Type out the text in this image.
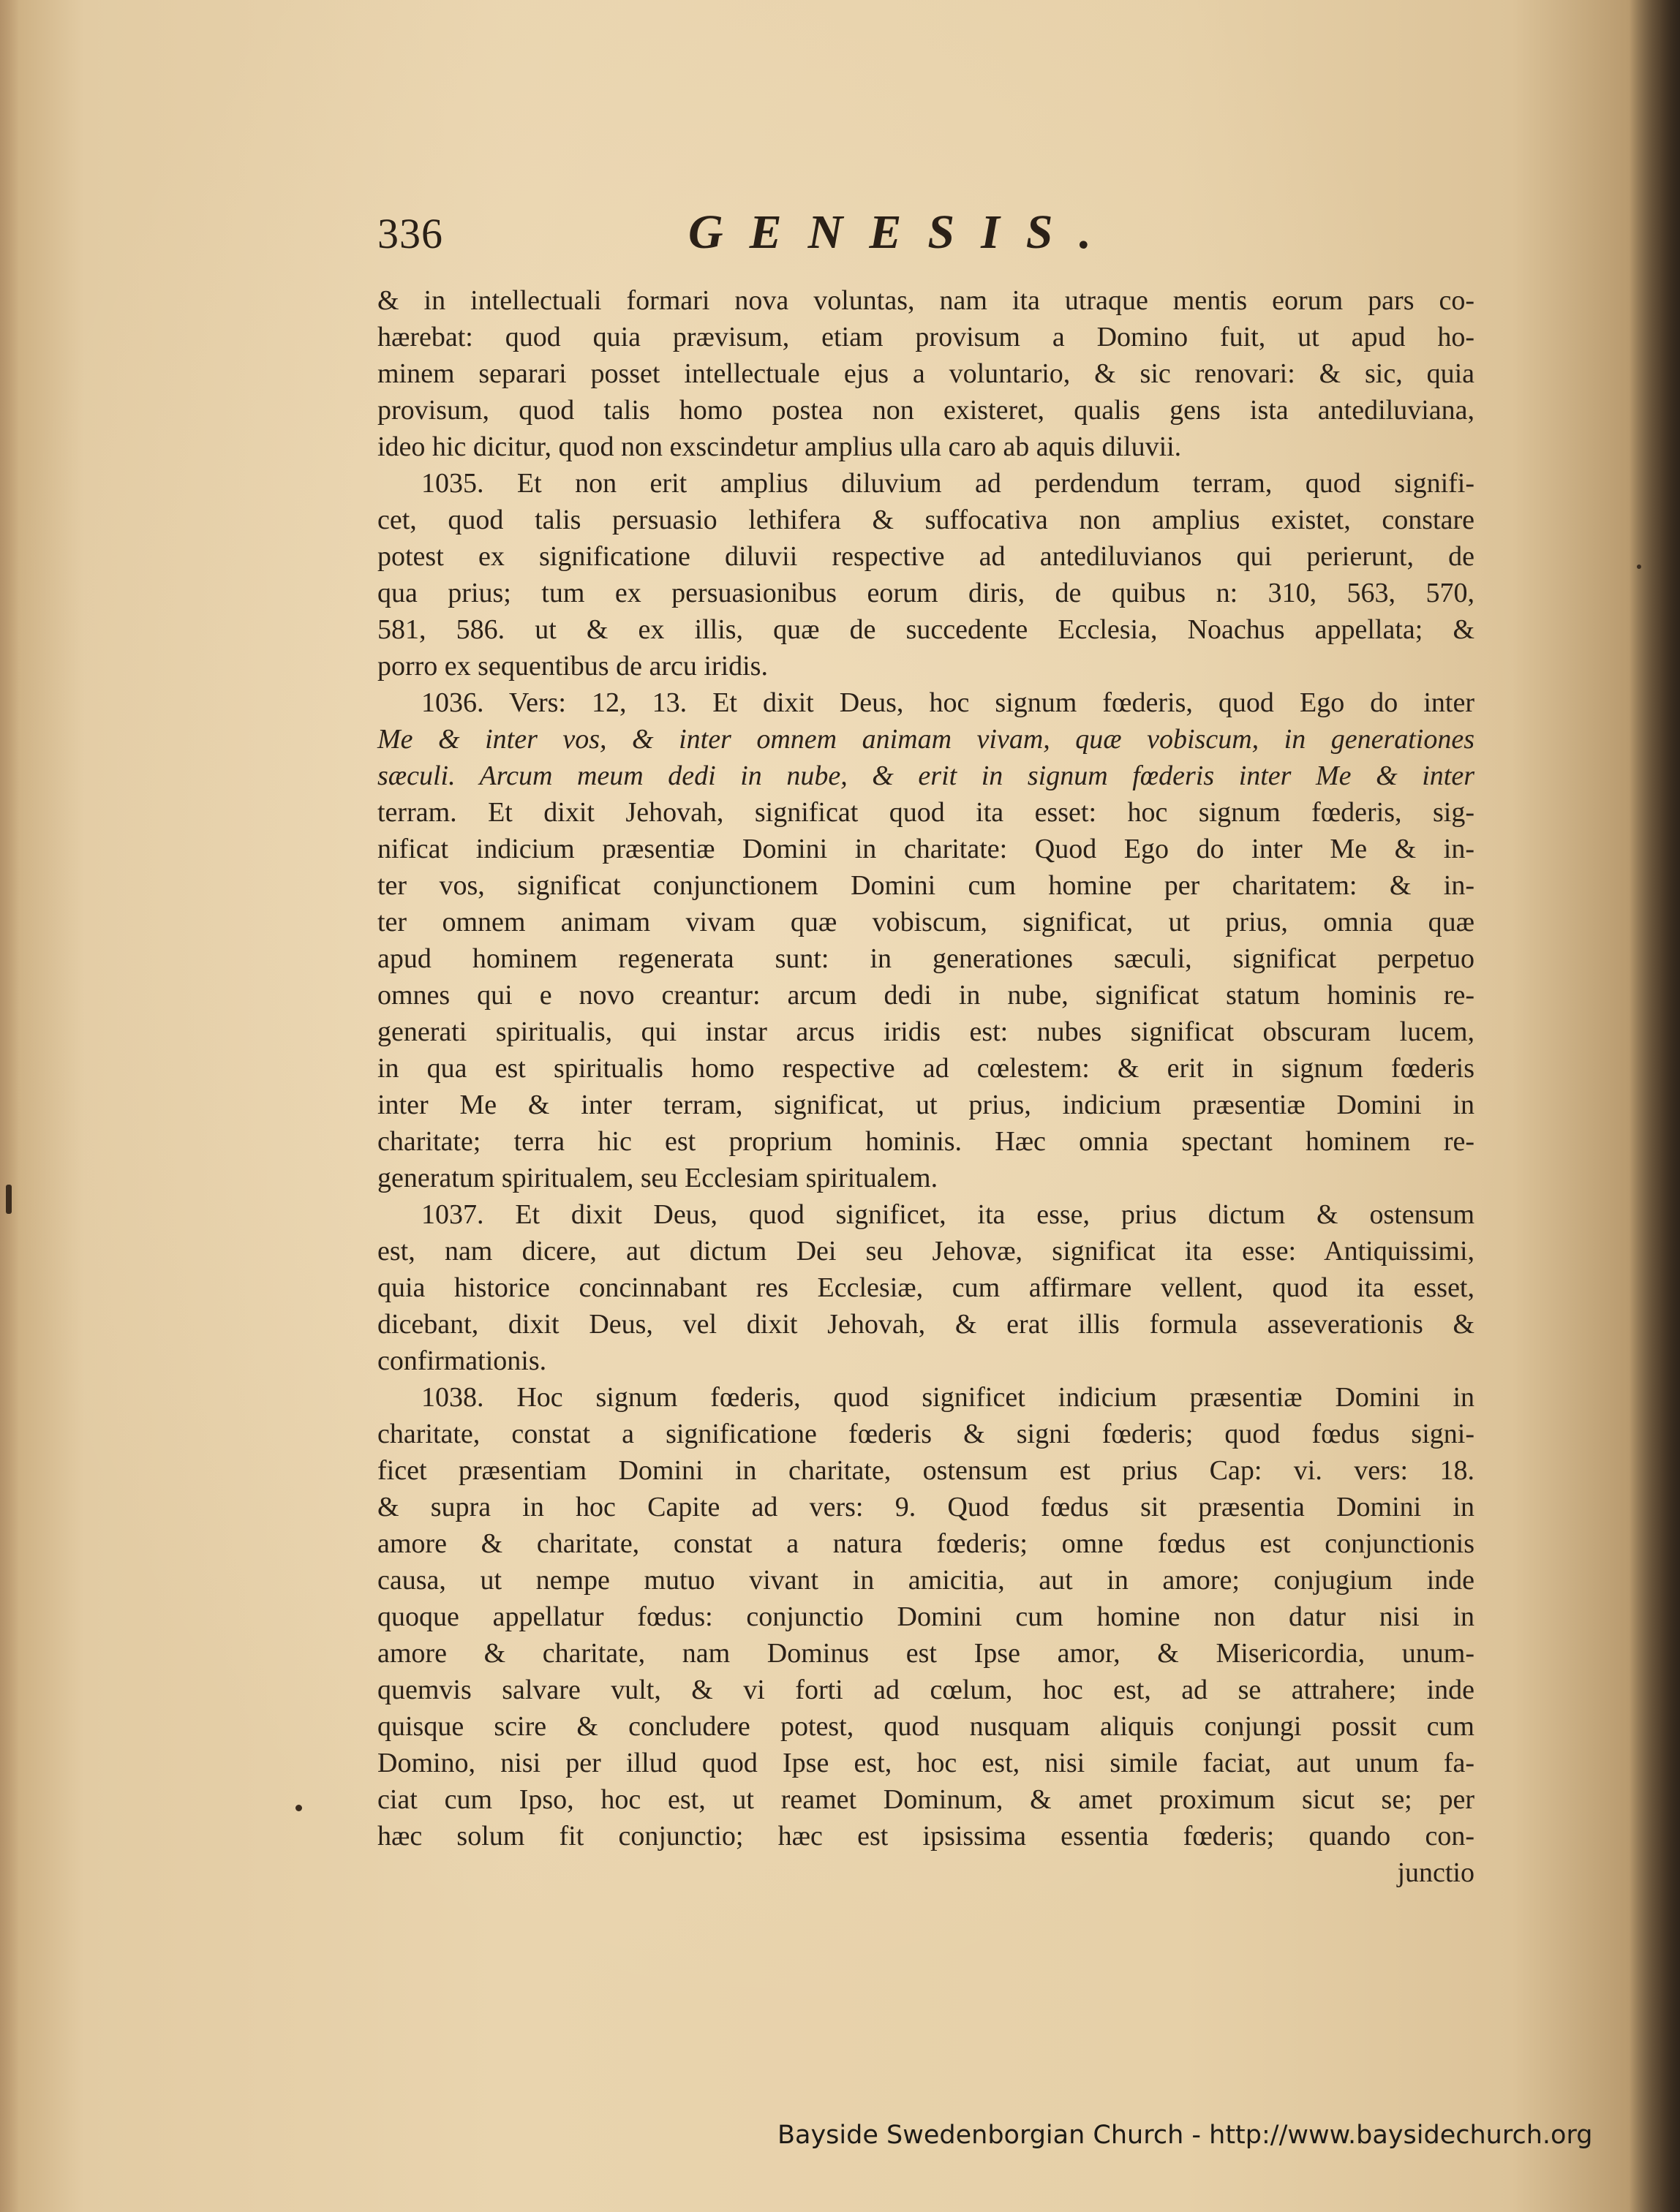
336	GENESIS.
& in intellectuali formari nova voluntas, nam ita utraque mentis eorum pars co-
hærebat: quod quia prævisum, etiam provisum a Domino fuit, ut apud ho-
minem separari posset intellectuale ejus a voluntario, & sic renovari: & sic, quia
provisum, quod talis homo postea non existeret, qualis gens ista antediluviana,
ideo hic dicitur, quod non exscindetur amplius ulla caro ab aquis diluvii.
1035. Et non erit amplius diluvium ad perdendum terram, quod signifi-
cet, quod talis persuasio lethifera & suffocativa non amplius existet, constare
potest ex significatione diluvii respective ad antediluvianos qui perierunt, de
qua prius; tum ex persuasionibus eorum diris, de quibus n: 310, 563, 570,
581, 586. ut & ex illis, quæ de succedente Ecclesia, Noachus appellata; &
porro ex sequentibus de arcu iridis.
1036. Vers: 12, 13. Et dixit Deus, hoc signum fœderis, quod Ego do inter
Me & inter vos, & inter omnem animam vivam, quæ vobiscum, in generationes
sæculi. Arcum meum dedi in nube, & erit in signum fœderis inter Me & inter
terram. Et dixit Jehovah, significat quod ita esset: hoc signum fœderis, sig-
nificat indicium præsentiæ Domini in charitate: Quod Ego do inter Me & in-
ter vos, significat conjunctionem Domini cum homine per charitatem: & in-
ter omnem animam vivam quæ vobiscum, significat, ut prius, omnia quæ
apud hominem regenerata sunt: in generationes sæculi, significat perpetuo
omnes qui e novo creantur: arcum dedi in nube, significat statum hominis re-
generati spiritualis, qui instar arcus iridis est: nubes significat obscuram lucem,
in qua est spiritualis homo respective ad cœlestem: & erit in signum fœderis
inter Me & inter terram, significat, ut prius, indicium præsentiæ Domini in
charitate; terra hic est proprium hominis. Hæc omnia spectant hominem re-
generatum spiritualem, seu Ecclesiam spiritualem.
1037. Et dixit Deus, quod significet, ita esse, prius dictum & ostensum
est, nam dicere, aut dictum Dei seu Jehovæ, significat ita esse: Antiquissimi,
quia historice concinnabant res Ecclesiæ, cum affirmare vellent, quod ita esset,
dicebant, dixit Deus, vel dixit Jehovah, & erat illis formula asseverationis &
confirmationis.
1038. Hoc signum fœderis, quod significet indicium præsentiæ Domini in
charitate, constat a significatione fœderis & signi fœderis; quod fœdus signi-
ficet præsentiam Domini in charitate, ostensum est prius Cap: vi. vers: 18.
& supra in hoc Capite ad vers: 9. Quod fœdus sit præsentia Domini in
amore & charitate, constat a natura fœderis; omne fœdus est conjunctionis
causa, ut nempe mutuo vivant in amicitia, aut in amore; conjugium inde
quoque appellatur fœdus: conjunctio Domini cum homine non datur nisi in
amore & charitate, nam Dominus est Ipse amor, & Misericordia, unum-
quemvis salvare vult, & vi forti ad cœlum, hoc est, ad se attrahere; inde
quisque scire & concludere potest, quod nusquam aliquis conjungi possit cum
Domino, nisi per illud quod Ipse est, hoc est, nisi simile faciat, aut unum fa-
ciat cum Ipso, hoc est, ut reamet Dominum, & amet proximum sicut se; per
hæc solum fit conjunctio; hæc est ipsissima essentia fœderis; quando con-
junctio
Bayside Swedenborgian Church - http://www.baysidechurch.org
